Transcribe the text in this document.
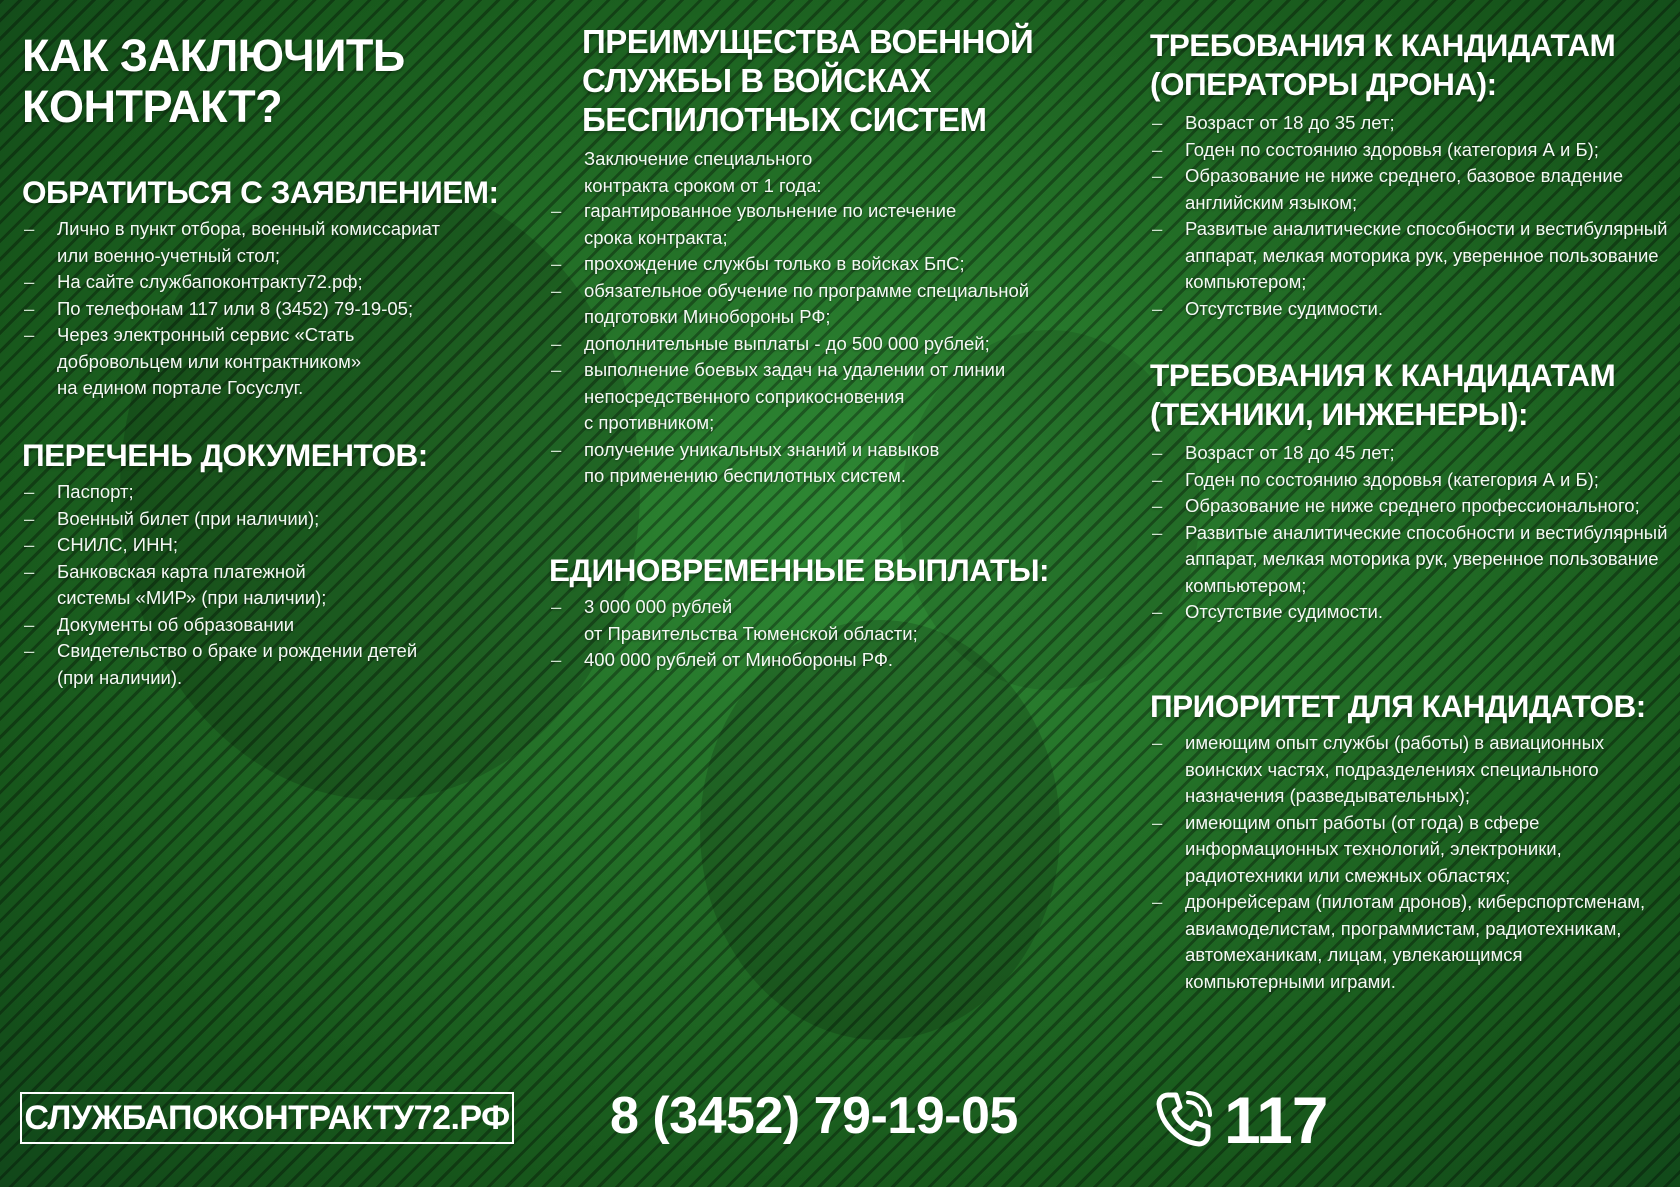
КАК ЗАКЛЮЧИТЬ
КОНТРАКТ?
ОБРАТИТЬСЯ С ЗАЯВЛЕНИЕМ:
– Лично в пункт отбора, военный комиссариат
или военно-учетный стол;
– На сайте службапоконтракту72.рф;
– По телефонам 117 или 8 (3452) 79-19-05;
– Через электронный сервис «Стать
добровольцем или контрактником»
на едином портале Госуслуг.
ПЕРЕЧЕНЬ ДОКУМЕНТОВ:
– Паспорт;
– Военный билет (при наличии);
– СНИЛС, ИНН;
– Банковская карта платежной
системы «МИР» (при наличии);
– Документы об образовании
– Свидетельство о браке и рождении детей
(при наличии).
ПРЕИМУЩЕСТВА ВОЕННОЙ
СЛУЖБЫ В ВОЙСКАХ
БЕСПИЛОТНЫХ СИСТЕМ

Заключение специального
контракта сроком от 1 года:

– гарантированное увольнение по истечение
срока контракта;
– прохождение службы только в войсках БпС;
– обязательное обучение по программе специальной
подготовки Минобороны РФ;
– дополнительные выплаты - до 500 000 рублей;
– выполнение боевых задач на удалении от линии
непосредственного соприкосновения
с противником;
– получение уникальных знаний и навыков
по применению беспилотных систем.
ЕДИНОВРЕМЕННЫЕ ВЫПЛАТЫ:
– 3 000 000 рублей
от Правительства Тюменской области;
– 400 000 рублей от Минобороны РФ.
ТРЕБОВАНИЯ К КАНДИДАТАМ
(ОПЕРАТОРЫ ДРОНА):
– Возраст от 18 до 35 лет;
– Годен по состоянию здоровья (категория А и Б);
– Образование не ниже среднего, базовое владение
английским языком;
– Развитые аналитические способности и вестибулярный
аппарат, мелкая моторика рук, уверенное пользование
компьютером;
– Отсутствие судимости.
ТРЕБОВАНИЯ К КАНДИДАТАМ
(ТЕХНИКИ, ИНЖЕНЕРЫ):
– Возраст от 18 до 45 лет;
– Годен по состоянию здоровья (категория А и Б);
– Образование не ниже среднего профессионального;
– Развитые аналитические способности и вестибулярный
аппарат, мелкая моторика рук, уверенное пользование
компьютером;
– Отсутствие судимости.
ПРИОРИТЕТ ДЛЯ КАНДИДАТОВ:
– имеющим опыт службы (работы) в авиационных
воинских частях, подразделениях специального
назначения (разведывательных);
– имеющим опыт работы (от года) в сфере
информационных технологий, электроники,
радиотехники или смежных областях;
– дронрейсерам (пилотам дронов), киберспортсменам,
авиамоделистам, программистам, радиотехникам,
автомеханикам, лицам, увлекающимся
компьютерными играми.
СЛУЖБАПОКОНТРАКТУ72.РФ 8 (3452) 79-19-05	117
